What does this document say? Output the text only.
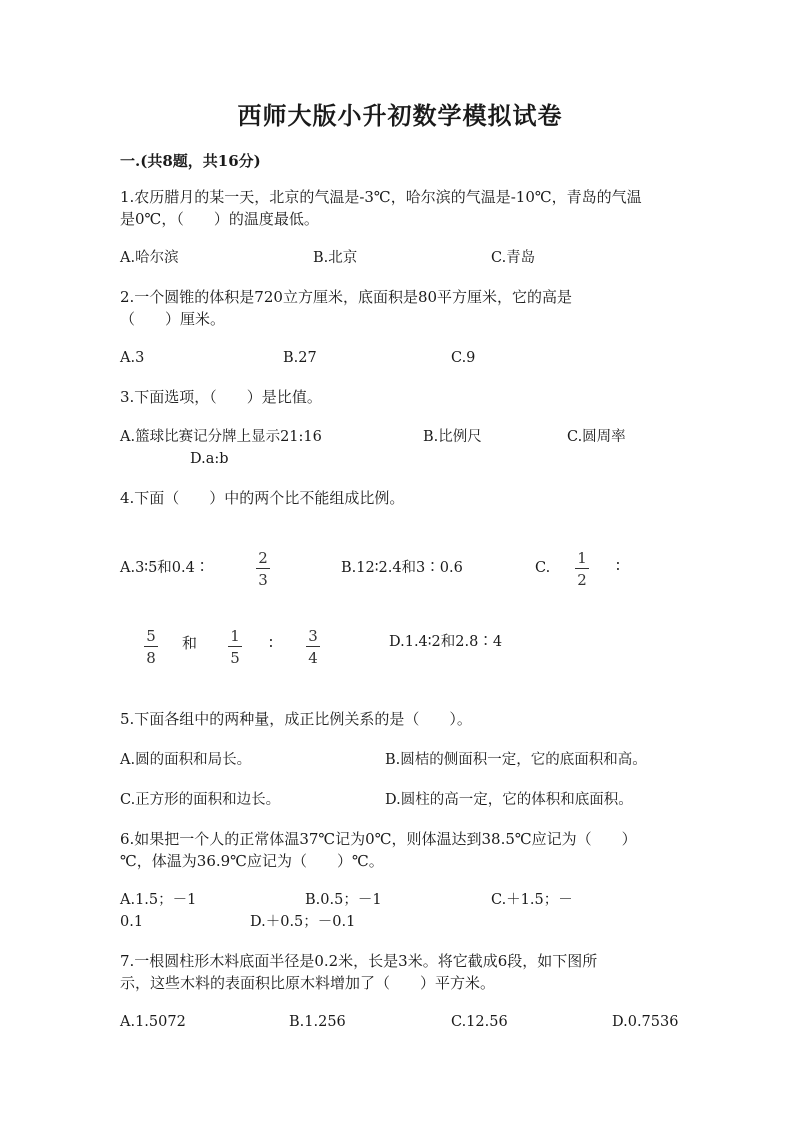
西师大版小升初数学模拟试卷
一.(共8题，共16分)
1.农历腊月的某一天，北京的气温是-3℃，哈尔滨的气温是-10℃，青岛的气温
是0℃，（　　）的温度最低。
A.哈尔滨	B.北京	C.青岛
2.一个圆锥的体积是720立方厘米，底面积是80平方厘米，它的高是
（　　）厘米。
A.3	B.27	C.9
3.下面选项，（　　）是比值。
A.篮球比赛记分牌上显示21:16	B.比例尺	C.圆周率
D.a:b
4.下面（　　）中的两个比不能组成比例。
A.3∶5和0.4∶
2
3
B.12∶2.4和3∶0.6	C.
1
2
∶
5
8
和 1
5
∶ 3
4
D.1.4∶2和2.8∶4
5.下面各组中的两种量，成正比例关系的是（　　）。
A.圆的面积和局长。	B.圆桔的侧面积一定，它的底面积和高。
C.正方形的面积和边长。	D.圆柱的高一定，它的体积和底面积。
6.如果把一个人的正常体温37℃记为0℃，则体温达到38.5℃应记为（　　）
℃，体温为36.9℃应记为（　　）℃。
A.1.5；－1	B.0.5；－1	C.＋1.5；－
0.1	D.＋0.5；－0.1
7.一根圆柱形木料底面半径是0.2米，长是3米。将它截成6段，如下图所
示，这些木料的表面积比原木料增加了（　　）平方米。
A.1.5072	B.1.256	C.12.56	D.0.7536
